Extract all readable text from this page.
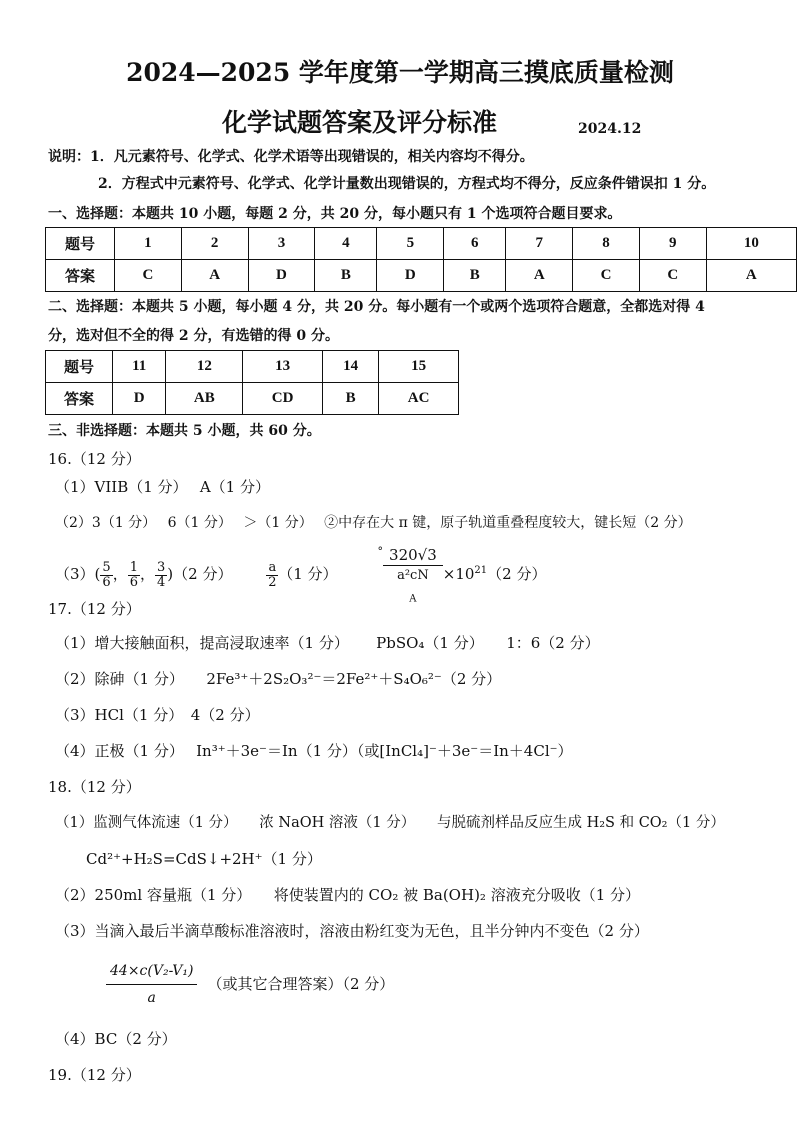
2024—2025 学年度第一学期高三摸底质量检测
化学试题答案及评分标准	2024.12
说明：1．凡元素符号、化学式、化学术语等出现错误的，相关内容均不得分。
2．方程式中元素符号、化学式、化学计量数出现错误的，方程式均不得分，反应条件错误扣 1 分。
一、选择题：本题共 10 小题，每题 2 分，共 20 分，每小题只有 1 个选项符合题目要求。
题号	1	2	3	4	5	6	7	8	9	10
答案	C	A	D	B	D	B	A	C	C	A
二、选择题：本题共 5 小题，每小题 4 分，共 20 分。每小题有一个或两个选项符合题意，全都选对得 4
分，选对但不全的得 2 分，有选错的得 0 分。
题号	11	12	13	14	15
答案	D	AB	CD	B	AC
三、非选择题：本题共 5 小题，共 60 分。
16.（12 分）
（1）VIIB（1 分）　 A（1 分）
（2）3（1 分）　 6（1 分）　 ＞（1 分）　 ②中存在大 π 键，原子轨道重叠程度较大，键长短（2 分）
$(3)( \frac{5}{6}$ ， $\frac{1}{6}$ ， $\frac{3}{4} )(2$ 分）	$\frac{a}{2} (1$ 分）° 320√3
a²cN
$_A \times 10^{21}(2$ 分）
17.（12 分）
（1）增大接触面积，提高浸取速率（1 分）　　 PbSO₄（1 分）　　1：6（2 分）
（2）除砷（1 分）　　2Fe³⁺＋2S₂O₃²⁻＝2Fe²⁺＋S₄O₆²⁻（2 分）
（3）HCl（1 分）　4（2 分）
（4）正极（1 分）　 In³⁺＋3e⁻＝In（1 分）（或[InCl₄]⁻＋3e⁻＝In＋4Cl⁻）
18.（12 分）
（1）监测气体流速（1 分）　　浓 NaOH 溶液（1 分）　　与脱硫剂样品反应生成 H₂S 和 CO₂（1 分）
Cd²⁺+H₂S=CdS↓+2H⁺（1 分）
（2）250ml 容量瓶（1 分）　　将使装置内的 CO₂ 被 Ba(OH)₂ 溶液充分吸收（1 分）
（3）当滴入最后半滴草酸标准溶液时，溶液由粉红变为无色，且半分钟内不变色（2 分）
$\frac{\text{44×c(V₂-V₁)}}{a}$ （或其它合理答案）（2 分）
（4）BC（2 分）
19.（12 分）
